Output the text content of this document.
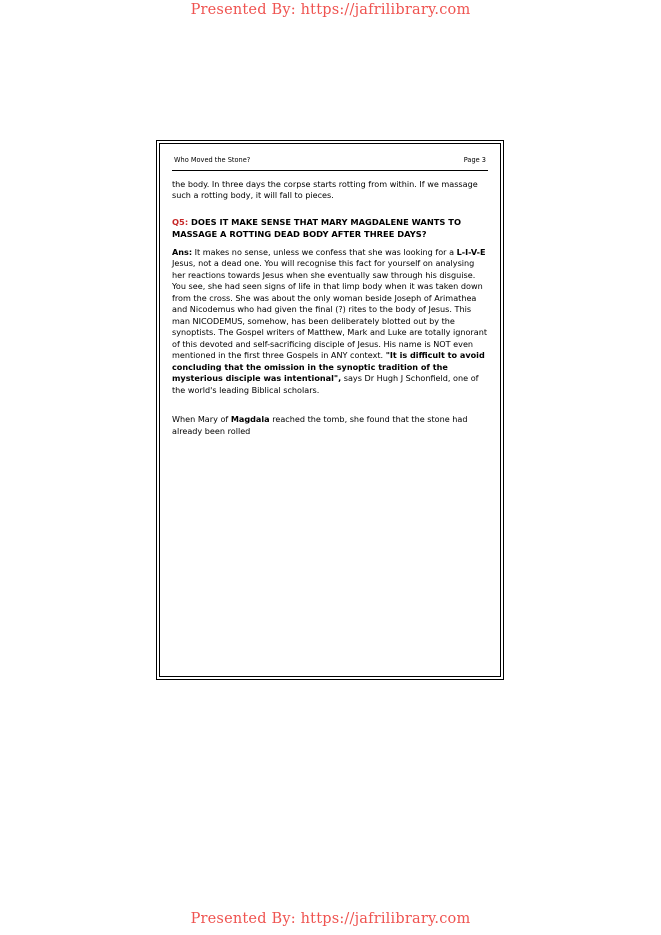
Presented By: https://jafrilibrary.com
Who Moved the Stone?	Page 3

the body. In three days the corpse starts rotting from within. If we massage such a rotting body, it will fall to pieces.

Q5: DOES IT MAKE SENSE THAT MARY MAGDALENE WANTS TO MASSAGE A ROTTING DEAD BODY AFTER THREE DAYS?

Ans: It makes no sense, unless we confess that she was looking for a L-I-V-E Jesus, not a dead one. You will recognise this fact for yourself on analysing her reactions towards Jesus when she eventually saw through his disguise. You see, she had seen signs of life in that limp body when it was taken down from the cross. She was about the only woman beside Joseph of Arimathea and Nicodemus who had given the final (?) rites to the body of Jesus. This man NICODEMUS, somehow, has been deliberately blotted out by the synoptists. The Gospel writers of Matthew, Mark and Luke are totally ignorant of this devoted and self-sacrificing disciple of Jesus. His name is NOT even mentioned in the first three Gospels in ANY context. "It is difficult to avoid concluding that the omission in the synoptic tradition of the mysterious disciple was intentional", says Dr Hugh J Schonfield, one of the world's leading Biblical scholars.

When Mary of Magdala reached the tomb, she found that the stone had already been rolled

Presented By: https://jafrilibrary.com
